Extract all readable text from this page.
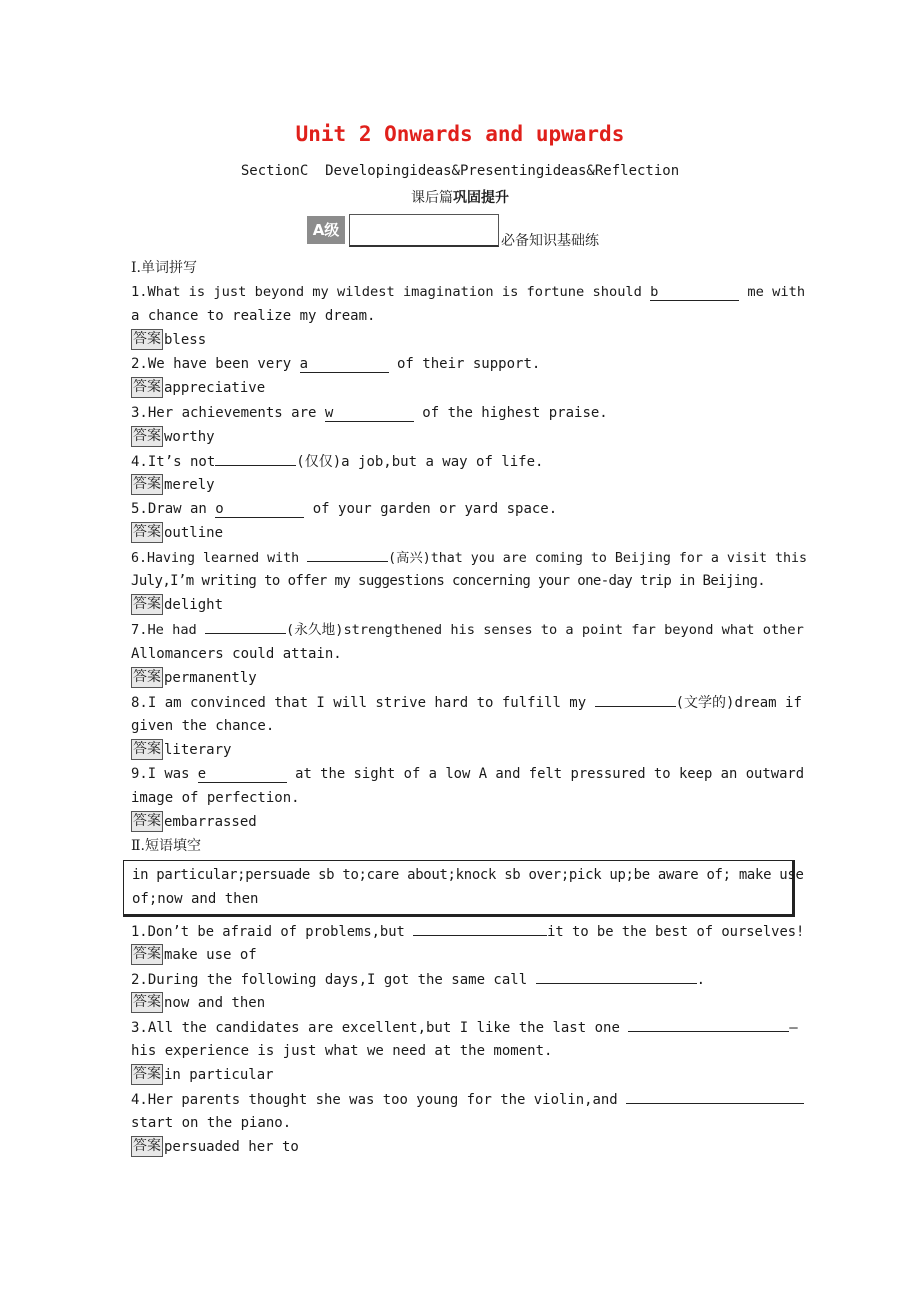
Unit 2 Onwards and upwards
SectionC  Developingideas&Presentingideas&Reflection
课后篇巩固提升
A级
必备知识基础练
Ⅰ.单词拼写
1.What is just beyond my wildest imagination is fortune should b	me with
a chance to realize my dream.
答案 bless
2.We have been very a	of their support.
答案 appreciative
3.Her achievements are w	of the highest praise.
答案 worthy
4.It’s not	(仅仅)a job,but a way of life.
答案 merely
5.Draw an o	of your garden or yard space.
答案 outline
6.Having learned with	(高兴)that you are coming to Beijing for a visit this
July,I’m writing to offer my suggestions concerning your one-day trip in Beijing.
答案 delight
7.He had	(永久地)strengthened his senses to a point far beyond what other
Allomancers could attain.
答案 permanently
8.I am convinced that I will strive hard to fulfill my	(文学的)dream if
given the chance.
答案 literary
9.I was e	at the sight of a low A and felt pressured to keep an outward
image of perfection.
答案 embarrassed
Ⅱ.短语填空
in particular;persuade sb to;care about;knock sb over;pick up;be aware of; make use
of;now and then
1.Don’t be afraid of problems,but	it to be the best of ourselves!
答案 make use of
2.During the following days,I got the same call	.
答案 now and then
3.All the candidates are excellent,but I like the last one	—
his experience is just what we need at the moment.
答案 in particular
4.Her parents thought she was too young for the violin,and
start on the piano.
答案 persuaded her to
